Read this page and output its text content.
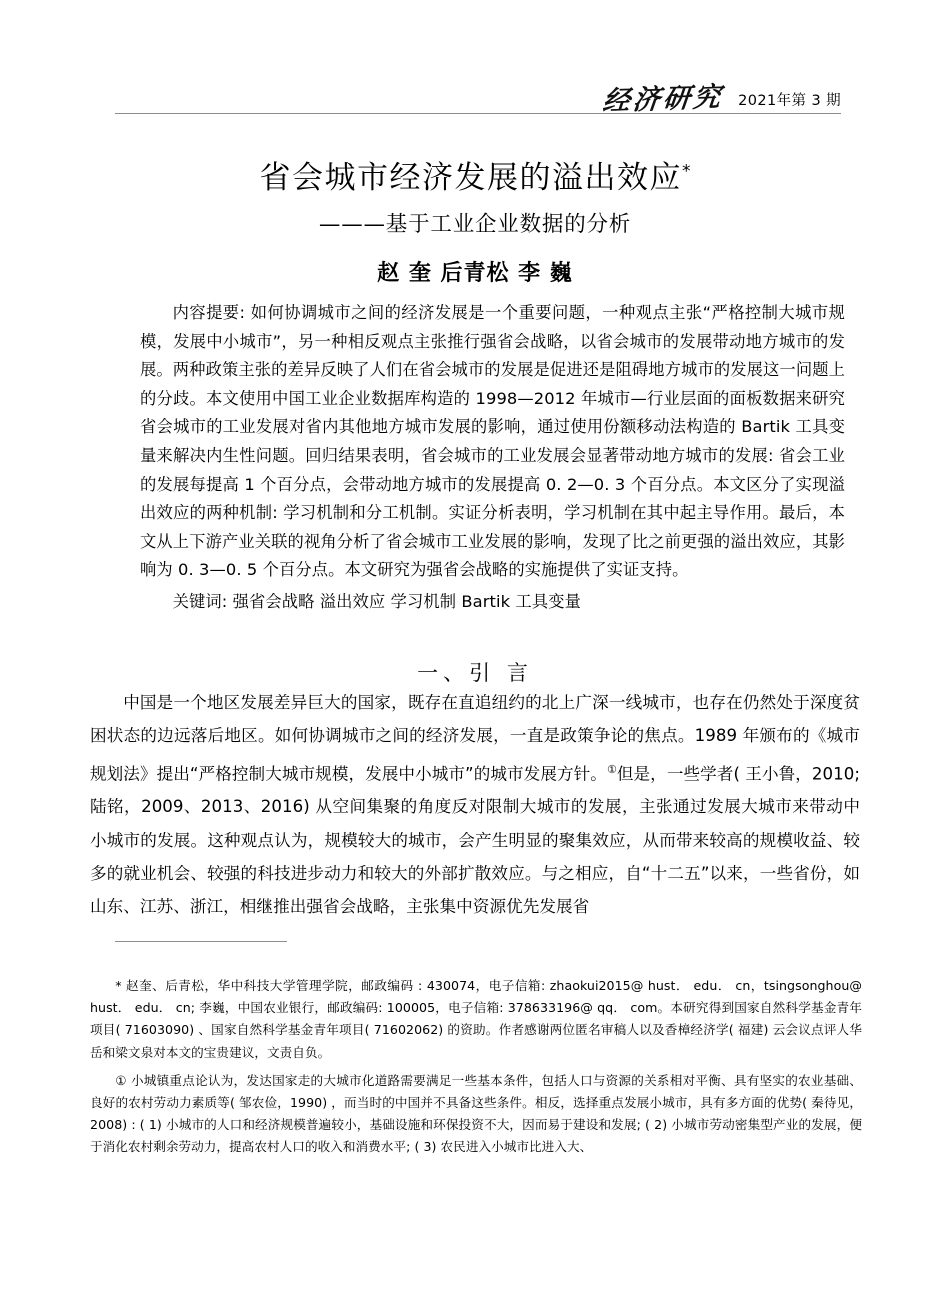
经济研究 2021年第 3 期
省会城市经济发展的溢出效应*
———基于工业企业数据的分析
赵 奎 后青松 李 巍

内容提要: 如何协调城市之间的经济发展是一个重要问题，一种观点主张“严格控制大城市规模，发展中小城市”，另一种相反观点主张推行强省会战略，以省会城市的发展带动地方城市的发展。两种政策主张的差异反映了人们在省会城市的发展是促进还是阻碍地方城市的发展这一问题上的分歧。本文使用中国工业企业数据库构造的 1998—2012 年城市—行业层面的面板数据来研究省会城市的工业发展对省内其他地方城市发展的影响，通过使用份额移动法构造的 Bartik 工具变量来解决内生性问题。回归结果表明，省会城市的工业发展会显著带动地方城市的发展: 省会工业的发展每提高 1 个百分点，会带动地方城市的发展提高 0. 2—0. 3 个百分点。本文区分了实现溢出效应的两种机制: 学习机制和分工机制。实证分析表明，学习机制在其中起主导作用。最后，本文从上下游产业关联的视角分析了省会城市工业发展的影响，发现了比之前更强的溢出效应，其影响为 0. 3—0. 5 个百分点。本文研究为强省会战略的实施提供了实证支持。

关键词: 强省会战略 溢出效应 学习机制 Bartik 工具变量

一、引 言

中国是一个地区发展差异巨大的国家，既存在直追纽约的北上广深一线城市，也存在仍然处于深度贫困状态的边远落后地区。如何协调城市之间的经济发展，一直是政策争论的焦点。1989 年颁布的《城市规划法》提出“严格控制大城市规模，发展中小城市”的城市发展方针。①但是，一些学者( 王小鲁，2010; 陆铭，2009、2013、2016) 从空间集聚的角度反对限制大城市的发展，主张通过发展大城市来带动中小城市的发展。这种观点认为，规模较大的城市，会产生明显的聚集效应，从而带来较高的规模收益、较多的就业机会、较强的科技进步动力和较大的外部扩散效应。与之相应，自“十二五”以来，一些省份，如山东、江苏、浙江，相继推出强省会战略，主张集中资源优先发展省

* 赵奎、后青松，华中科技大学管理学院，邮政编码 : 430074，电子信箱: zhaokui2015@ hust． edu． cn，tsingsonghou@ hust． edu． cn; 李巍，中国农业银行，邮政编码: 100005，电子信箱: 378633196@ qq． com。本研究得到国家自然科学基金青年项目( 71603090) 、国家自然科学基金青年项目( 71602062) 的资助。作者感谢两位匿名审稿人以及香樟经济学( 福建) 云会议点评人华岳和梁文泉对本文的宝贵建议，文责自负。

① 小城镇重点论认为，发达国家走的大城市化道路需要满足一些基本条件，包括人口与资源的关系相对平衡、具有坚实的农业基础、良好的农村劳动力素质等( 邹农俭，1990) ，而当时的中国并不具备这些条件。相反，选择重点发展小城市，具有多方面的优势( 秦待见，2008) : ( 1) 小城市的人口和经济规模普遍较小，基础设施和环保投资不大，因而易于建设和发展; ( 2) 小城市劳动密集型产业的发展，便于消化农村剩余劳动力，提高农村人口的收入和消费水平; ( 3) 农民进入小城市比进入大、
